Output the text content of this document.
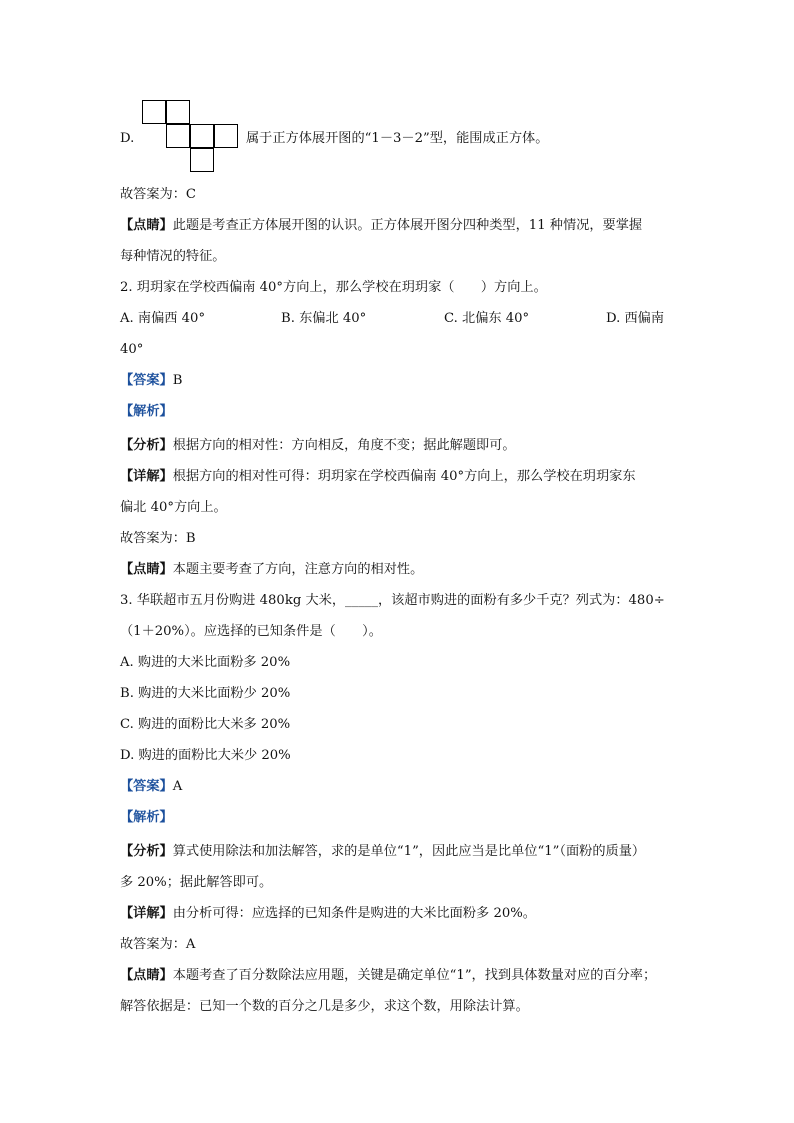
D.	属于正方体展开图的“1－3－2”型，能围成正方体。
故答案为：C
【点睛】此题是考查正方体展开图的认识。正方体展开图分四种类型，11 种情况，要掌握
每种情况的特征。
2. 玥玥家在学校西偏南 40°方向上，那么学校在玥玥家（　　）方向上。
A. 南偏西 40°	B. 东偏北 40°	C. 北偏东 40°	D. 西偏南
40°
【答案】B
【解析】
【分析】根据方向的相对性：方向相反，角度不变；据此解题即可。
【详解】根据方向的相对性可得：玥玥家在学校西偏南 40°方向上，那么学校在玥玥家东
偏北 40°方向上。
故答案为：B
【点睛】本题主要考查了方向，注意方向的相对性。
3. 华联超市五月份购进 480kg 大米，_____，该超市购进的面粉有多少千克？列式为：480÷
（1＋20%）。应选择的已知条件是（　　）。
A. 购进的大米比面粉多 20%
B. 购进的大米比面粉少 20%
C. 购进的面粉比大米多 20%
D. 购进的面粉比大米少 20%
【答案】A
【解析】
【分析】算式使用除法和加法解答，求的是单位“1”，因此应当是比单位“1”（面粉的质量）
多 20%；据此解答即可。
【详解】由分析可得：应选择的已知条件是购进的大米比面粉多 20%。
故答案为：A
【点睛】本题考查了百分数除法应用题，关键是确定单位“1”，找到具体数量对应的百分率；
解答依据是：已知一个数的百分之几是多少，求这个数，用除法计算。
